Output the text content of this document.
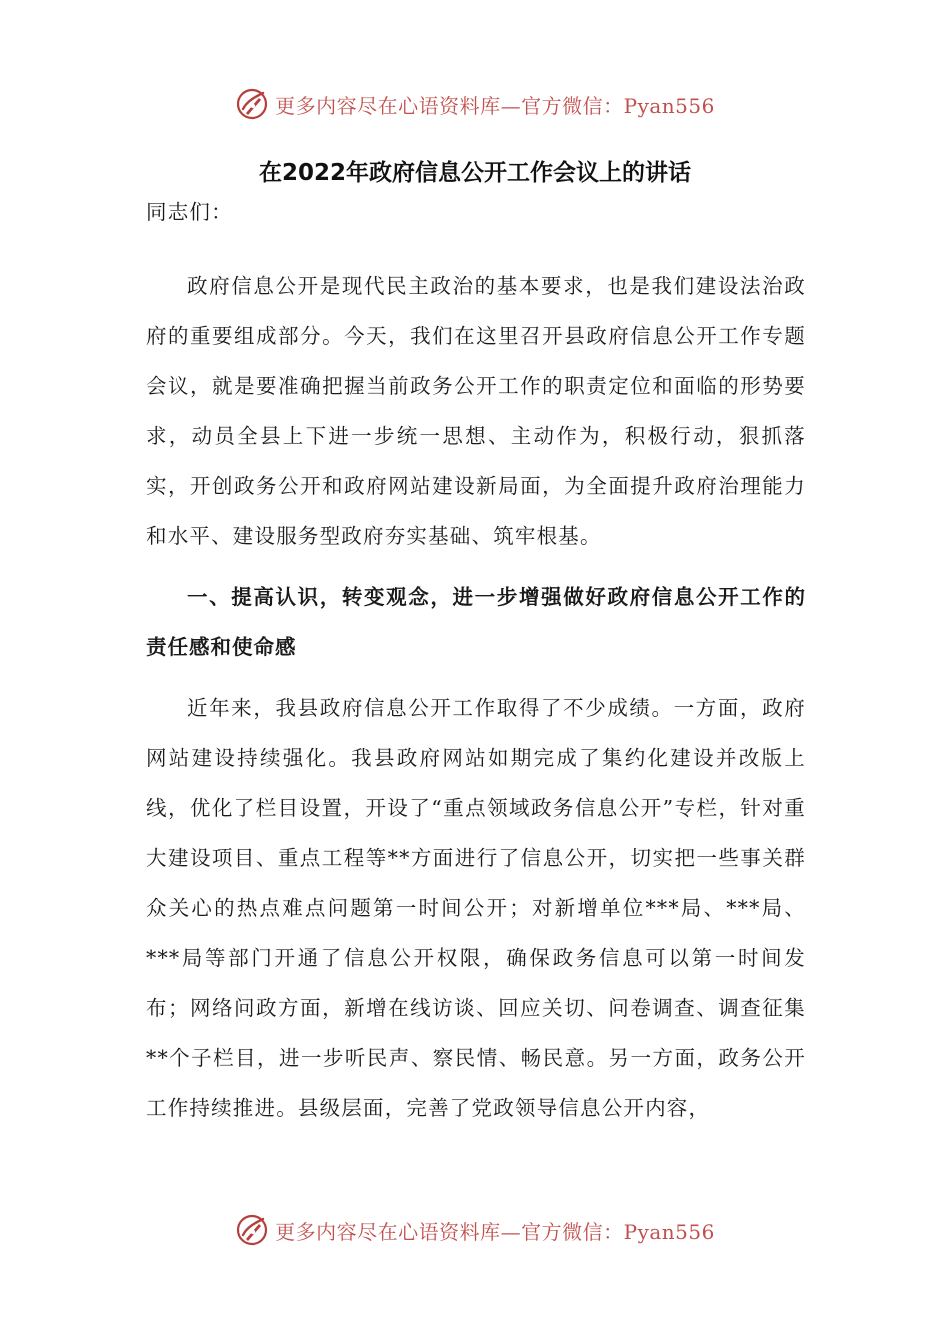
更多内容尽在心语资料库—官方微信：Pyan556
在2022年政府信息公开工作会议上的讲话

同志们：

政府信息公开是现代民主政治的基本要求，也是我们建设法治政府的重要组成部分。今天，我们在这里召开县政府信息公开工作专题会议，就是要准确把握当前政务公开工作的职责定位和面临的形势要求，动员全县上下进一步统一思想、主动作为，积极行动，狠抓落实，开创政务公开和政府网站建设新局面，为全面提升政府治理能力和水平、建设服务型政府夯实基础、筑牢根基。

一、提高认识，转变观念，进一步增强做好政府信息公开工作的责任感和使命感

近年来，我县政府信息公开工作取得了不少成绩。一方面，政府网站建设持续强化。我县政府网站如期完成了集约化建设并改版上线，优化了栏目设置，开设了“重点领域政务信息公开”专栏，针对重大建设项目、重点工程等**方面进行了信息公开，切实把一些事关群众关心的热点难点问题第一时间公开；对新增单位***局、***局、***局等部门开通了信息公开权限，确保政务信息可以第一时间发布；网络问政方面，新增在线访谈、回应关切、问卷调查、调查征集**个子栏目，进一步听民声、察民情、畅民意。另一方面，政务公开工作持续推进。县级层面，完善了党政领导信息公开内容，

更多内容尽在心语资料库—官方微信：Pyan556
